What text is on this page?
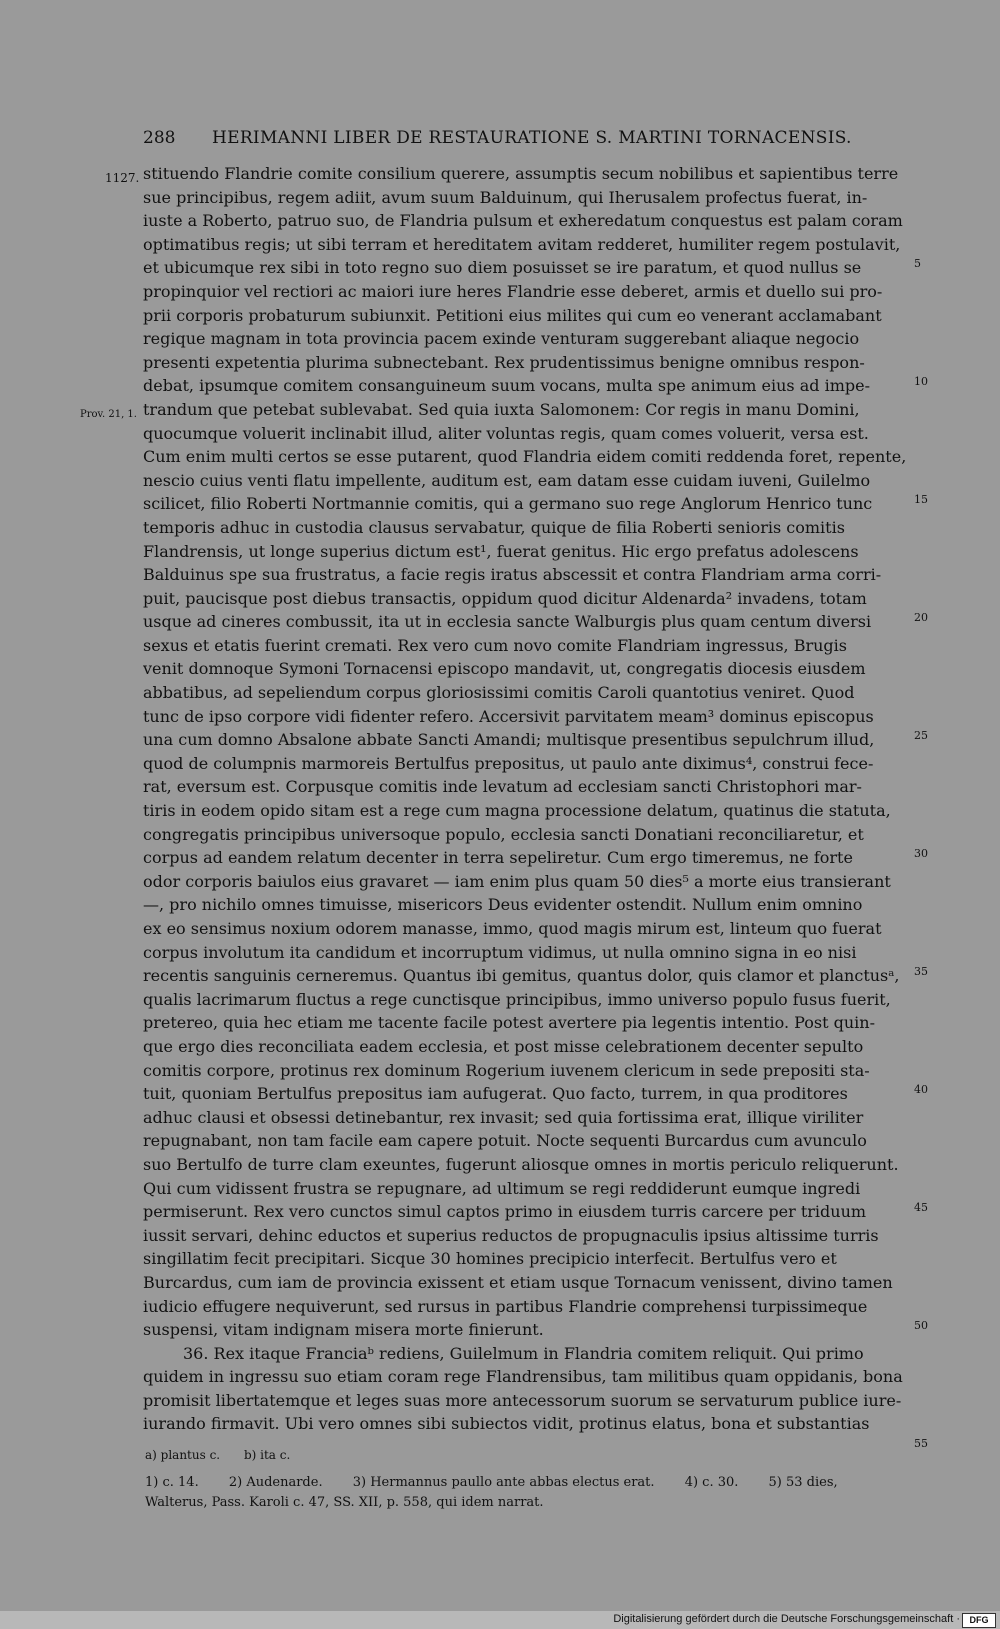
288 HERIMANNI LIBER DE RESTAURATIONE S. MARTINI TORNACENSIS.
1127.
Prov. 21, 1.
5
10
15
20
25
30
35
40
45
50
55
stituendo Flandrie comite consilium querere, assumptis secum nobilibus et sapientibus terre
sue principibus, regem adiit, avum suum Balduinum, qui Iherusalem profectus fuerat, in-
iuste a Roberto, patruo suo, de Flandria pulsum et exheredatum conquestus est palam coram
optimatibus regis; ut sibi terram et hereditatem avitam redderet, humiliter regem postulavit,
et ubicumque rex sibi in toto regno suo diem posuisset se ire paratum, et quod nullus se
propinquior vel rectiori ac maiori iure heres Flandrie esse deberet, armis et duello sui pro-
prii corporis probaturum subiunxit. Petitioni eius milites qui cum eo venerant acclamabant
regique magnam in tota provincia pacem exinde venturam suggerebant aliaque negocio
presenti expetentia plurima subnectebant. Rex prudentissimus benigne omnibus respon-
debat, ipsumque comitem consanguineum suum vocans, multa spe animum eius ad impe-
trandum que petebat sublevabat. Sed quia iuxta Salomonem: Cor regis in manu Domini,
quocumque voluerit inclinabit illud, aliter voluntas regis, quam comes voluerit, versa est.
Cum enim multi certos se esse putarent, quod Flandria eidem comiti reddenda foret, repente,
nescio cuius venti flatu impellente, auditum est, eam datam esse cuidam iuveni, Guilelmo
scilicet, filio Roberti Nortmannie comitis, qui a germano suo rege Anglorum Henrico tunc
temporis adhuc in custodia clausus servabatur, quique de filia Roberti senioris comitis
Flandrensis, ut longe superius dictum est¹, fuerat genitus. Hic ergo prefatus adolescens
Balduinus spe sua frustratus, a facie regis iratus abscessit et contra Flandriam arma corri-
puit, paucisque post diebus transactis, oppidum quod dicitur Aldenarda² invadens, totam
usque ad cineres combussit, ita ut in ecclesia sancte Walburgis plus quam centum diversi
sexus et etatis fuerint cremati. Rex vero cum novo comite Flandriam ingressus, Brugis
venit domnoque Symoni Tornacensi episcopo mandavit, ut, congregatis diocesis eiusdem
abbatibus, ad sepeliendum corpus gloriosissimi comitis Caroli quantotius veniret. Quod
tunc de ipso corpore vidi fidenter refero. Accersivit parvitatem meam³ dominus episcopus
una cum domno Absalone abbate Sancti Amandi; multisque presentibus sepulchrum illud,
quod de columpnis marmoreis Bertulfus prepositus, ut paulo ante diximus⁴, construi fece-
rat, eversum est. Corpusque comitis inde levatum ad ecclesiam sancti Christophori mar-
tiris in eodem opido sitam est a rege cum magna processione delatum, quatinus die statuta,
congregatis principibus universoque populo, ecclesia sancti Donatiani reconciliaretur, et
corpus ad eandem relatum decenter in terra sepeliretur. Cum ergo timeremus, ne forte
odor corporis baiulos eius gravaret — iam enim plus quam 50 dies⁵ a morte eius transierant
—, pro nichilo omnes timuisse, misericors Deus evidenter ostendit. Nullum enim omnino
ex eo sensimus noxium odorem manasse, immo, quod magis mirum est, linteum quo fuerat
corpus involutum ita candidum et incorruptum vidimus, ut nulla omnino signa in eo nisi
recentis sanguinis cerneremus. Quantus ibi gemitus, quantus dolor, quis clamor et planctusᵃ,
qualis lacrimarum fluctus a rege cunctisque principibus, immo universo populo fusus fuerit,
pretereo, quia hec etiam me tacente facile potest avertere pia legentis intentio. Post quin-
que ergo dies reconciliata eadem ecclesia, et post misse celebrationem decenter sepulto
comitis corpore, protinus rex dominum Rogerium iuvenem clericum in sede prepositi sta-
tuit, quoniam Bertulfus prepositus iam aufugerat. Quo facto, turrem, in qua proditores
adhuc clausi et obsessi detinebantur, rex invasit; sed quia fortissima erat, illique viriliter
repugnabant, non tam facile eam capere potuit. Nocte sequenti Burcardus cum avunculo
suo Bertulfo de turre clam exeuntes, fugerunt aliosque omnes in mortis periculo reliquerunt.
Qui cum vidissent frustra se repugnare, ad ultimum se regi reddiderunt eumque ingredi
permiserunt. Rex vero cunctos simul captos primo in eiusdem turris carcere per triduum
iussit servari, dehinc eductos et superius reductos de propugnaculis ipsius altissime turris
singillatim fecit precipitari. Sicque 30 homines precipicio interfecit. Bertulfus vero et
Burcardus, cum iam de provincia exissent et etiam usque Tornacum venissent, divino tamen
iudicio effugere nequiverunt, sed rursus in partibus Flandrie comprehensi turpissimeque
suspensi, vitam indignam misera morte finierunt.
36. Rex itaque Franciaᵇ rediens, Guilelmum in Flandria comitem reliquit. Qui primo
quidem in ingressu suo etiam coram rege Flandrensibus, tam militibus quam oppidanis, bona
promisit libertatemque et leges suas more antecessorum suorum se servaturum publice iure-
iurando firmavit. Ubi vero omnes sibi subiectos vidit, protinus elatus, bona et substantias
a) plantus c. b) ita c.
1) c. 14. 2) Audenarde. 3) Hermannus paullo ante abbas electus erat. 4) c. 30. 5) 53 dies,
Walterus, Pass. Karoli c. 47, SS. XII, p. 558, qui idem narrat.
Digitalisierung gefördert durch die Deutsche Forschungsgemeinschaft ·	DFG
